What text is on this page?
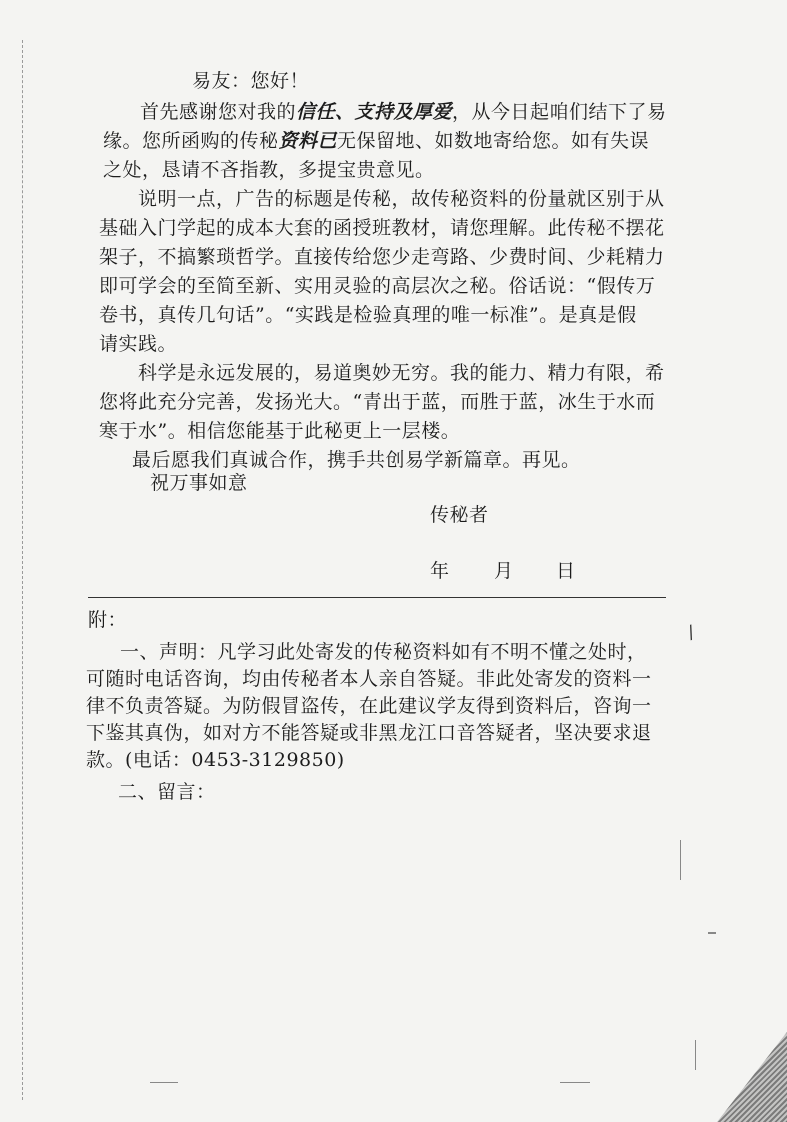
易友：您好！
首先感谢您对我的信任、支持及厚爱，从今日起咱们结下了易
缘。您所函购的传秘资料已无保留地、如数地寄给您。如有失误
之处，恳请不吝指教，多提宝贵意见。
说明一点，广告的标题是传秘，故传秘资料的份量就区别于从
基础入门学起的成本大套的函授班教材，请您理解。此传秘不摆花
架子，不搞繁琐哲学。直接传给您少走弯路、少费时间、少耗精力
即可学会的至简至新、实用灵验的高层次之秘。俗话说：“假传万
卷书，真传几句话”。“实践是检验真理的唯一标准”。是真是假
请实践。
科学是永远发展的，易道奥妙无穷。我的能力、精力有限，希
您将此充分完善，发扬光大。“青出于蓝，而胜于蓝，冰生于水而
寒于水”。相信您能基于此秘更上一层楼。
最后愿我们真诚合作，携手共创易学新篇章。再见。
祝万事如意
传秘者
年 月 日
附：
一、声明：凡学习此处寄发的传秘资料如有不明不懂之处时，
可随时电话咨询，均由传秘者本人亲自答疑。非此处寄发的资料一
律不负责答疑。为防假冒盗传，在此建议学友得到资料后，咨询一
下鉴其真伪，如对方不能答疑或非黑龙江口音答疑者，坚决要求退
款。(电话：0453-3129850)
二、留言：
/
